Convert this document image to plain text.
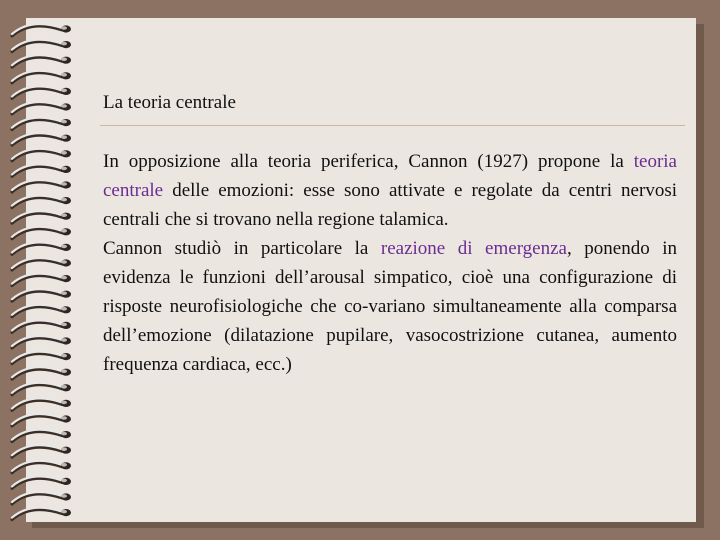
La teoria centrale

In opposizione alla teoria periferica, Cannon (1927) propone la teoria centrale delle emozioni: esse sono attivate e regolate da centri nervosi centrali che si trovano nella regione talamica.

Cannon studiò in particolare la reazione di emergenza, ponendo in evidenza le funzioni dell’arousal simpatico, cioè una configurazione di risposte neurofisiologiche che co-variano simultaneamente alla comparsa dell’emozione (dilatazione pupilare, vasocostrizione cutanea, aumento frequenza cardiaca, ecc.)
